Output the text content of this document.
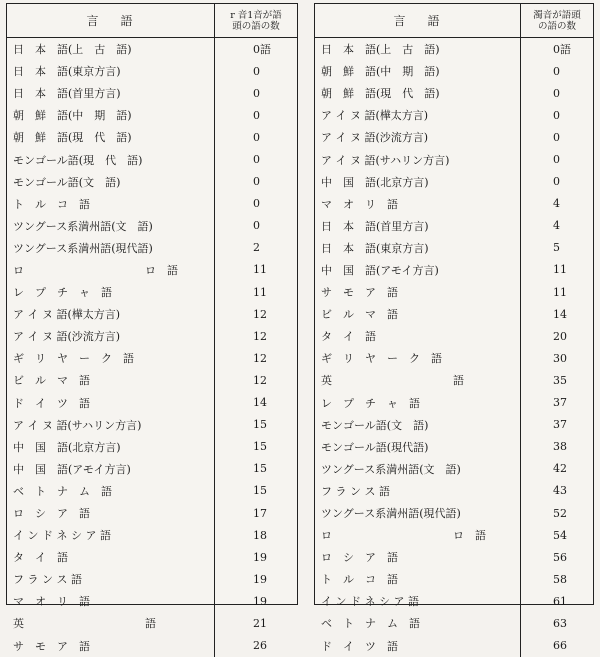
言語	r 音1音が語
頭の語の数
日　本　語(上　古　語)	0語
日　本　語(東京方言)	0
日　本　語(首里方言)	0
朝　鮮　語(中　期　語)	0
朝　鮮　語(現　代　語)	0
モンゴール語(現　代　語)	0
モンゴール語(文　語)	0
ト　ル　コ　語	0
ツングース系満州語(文　語)	0
ツングース系満州語(現代語)	2
ロ　　　　　　　　　　　ロ　語	11
レ　プ　チ　ャ　語	11
ア イ ヌ 語(樺太方言)	12
ア イ ヌ 語(沙流方言)	12
ギ　リ　ヤ　ー　ク　語	12
ビ　ル　マ　語	12
ド　イ　ツ　語	14
ア イ ヌ 語(サハリン方言)	15
中　国　語(北京方言)	15
中　国　語(アモイ方言)	15
ベ　ト　ナ　ム　語	15
ロ　シ　ア　語	17
イ ン ド ネ シ ア 語	18
タ　イ　語	19
フ ラ ン ス 語	19
マ　オ　リ　語	19
英　　　　　　　　　　　語	21
サ　モ　ア　語	26
言語	濁音が語頭
の語の数
日　本　語(上　古　語)	0語
朝　鮮　語(中　期　語)	0
朝　鮮　語(現　代　語)	0
ア イ ヌ 語(樺太方言)	0
ア イ ヌ 語(沙流方言)	0
ア イ ヌ 語(サハリン方言)	0
中　国　語(北京方言)	0
マ　オ　リ　語	4
日　本　語(首里方言)	4
日　本　語(東京方言)	5
中　国　語(アモイ方言)	11
サ　モ　ア　語	11
ビ　ル　マ　語	14
タ　イ　語	20
ギ　リ　ヤ　ー　ク　語	30
英　　　　　　　　　　　語	35
レ　プ　チ　ャ　語	37
モンゴール語(文　語)	37
モンゴール語(現代語)	38
ツングース系満州語(文　語)	42
フ ラ ン ス 語	43
ツングース系満州語(現代語)	52
ロ　　　　　　　　　　　ロ　語	54
ロ　シ　ア　語	56
ト　ル　コ　語	58
イ ン ド ネ シ ア 語	61
ベ　ト　ナ　ム　語	63
ド　イ　ツ　語	66
